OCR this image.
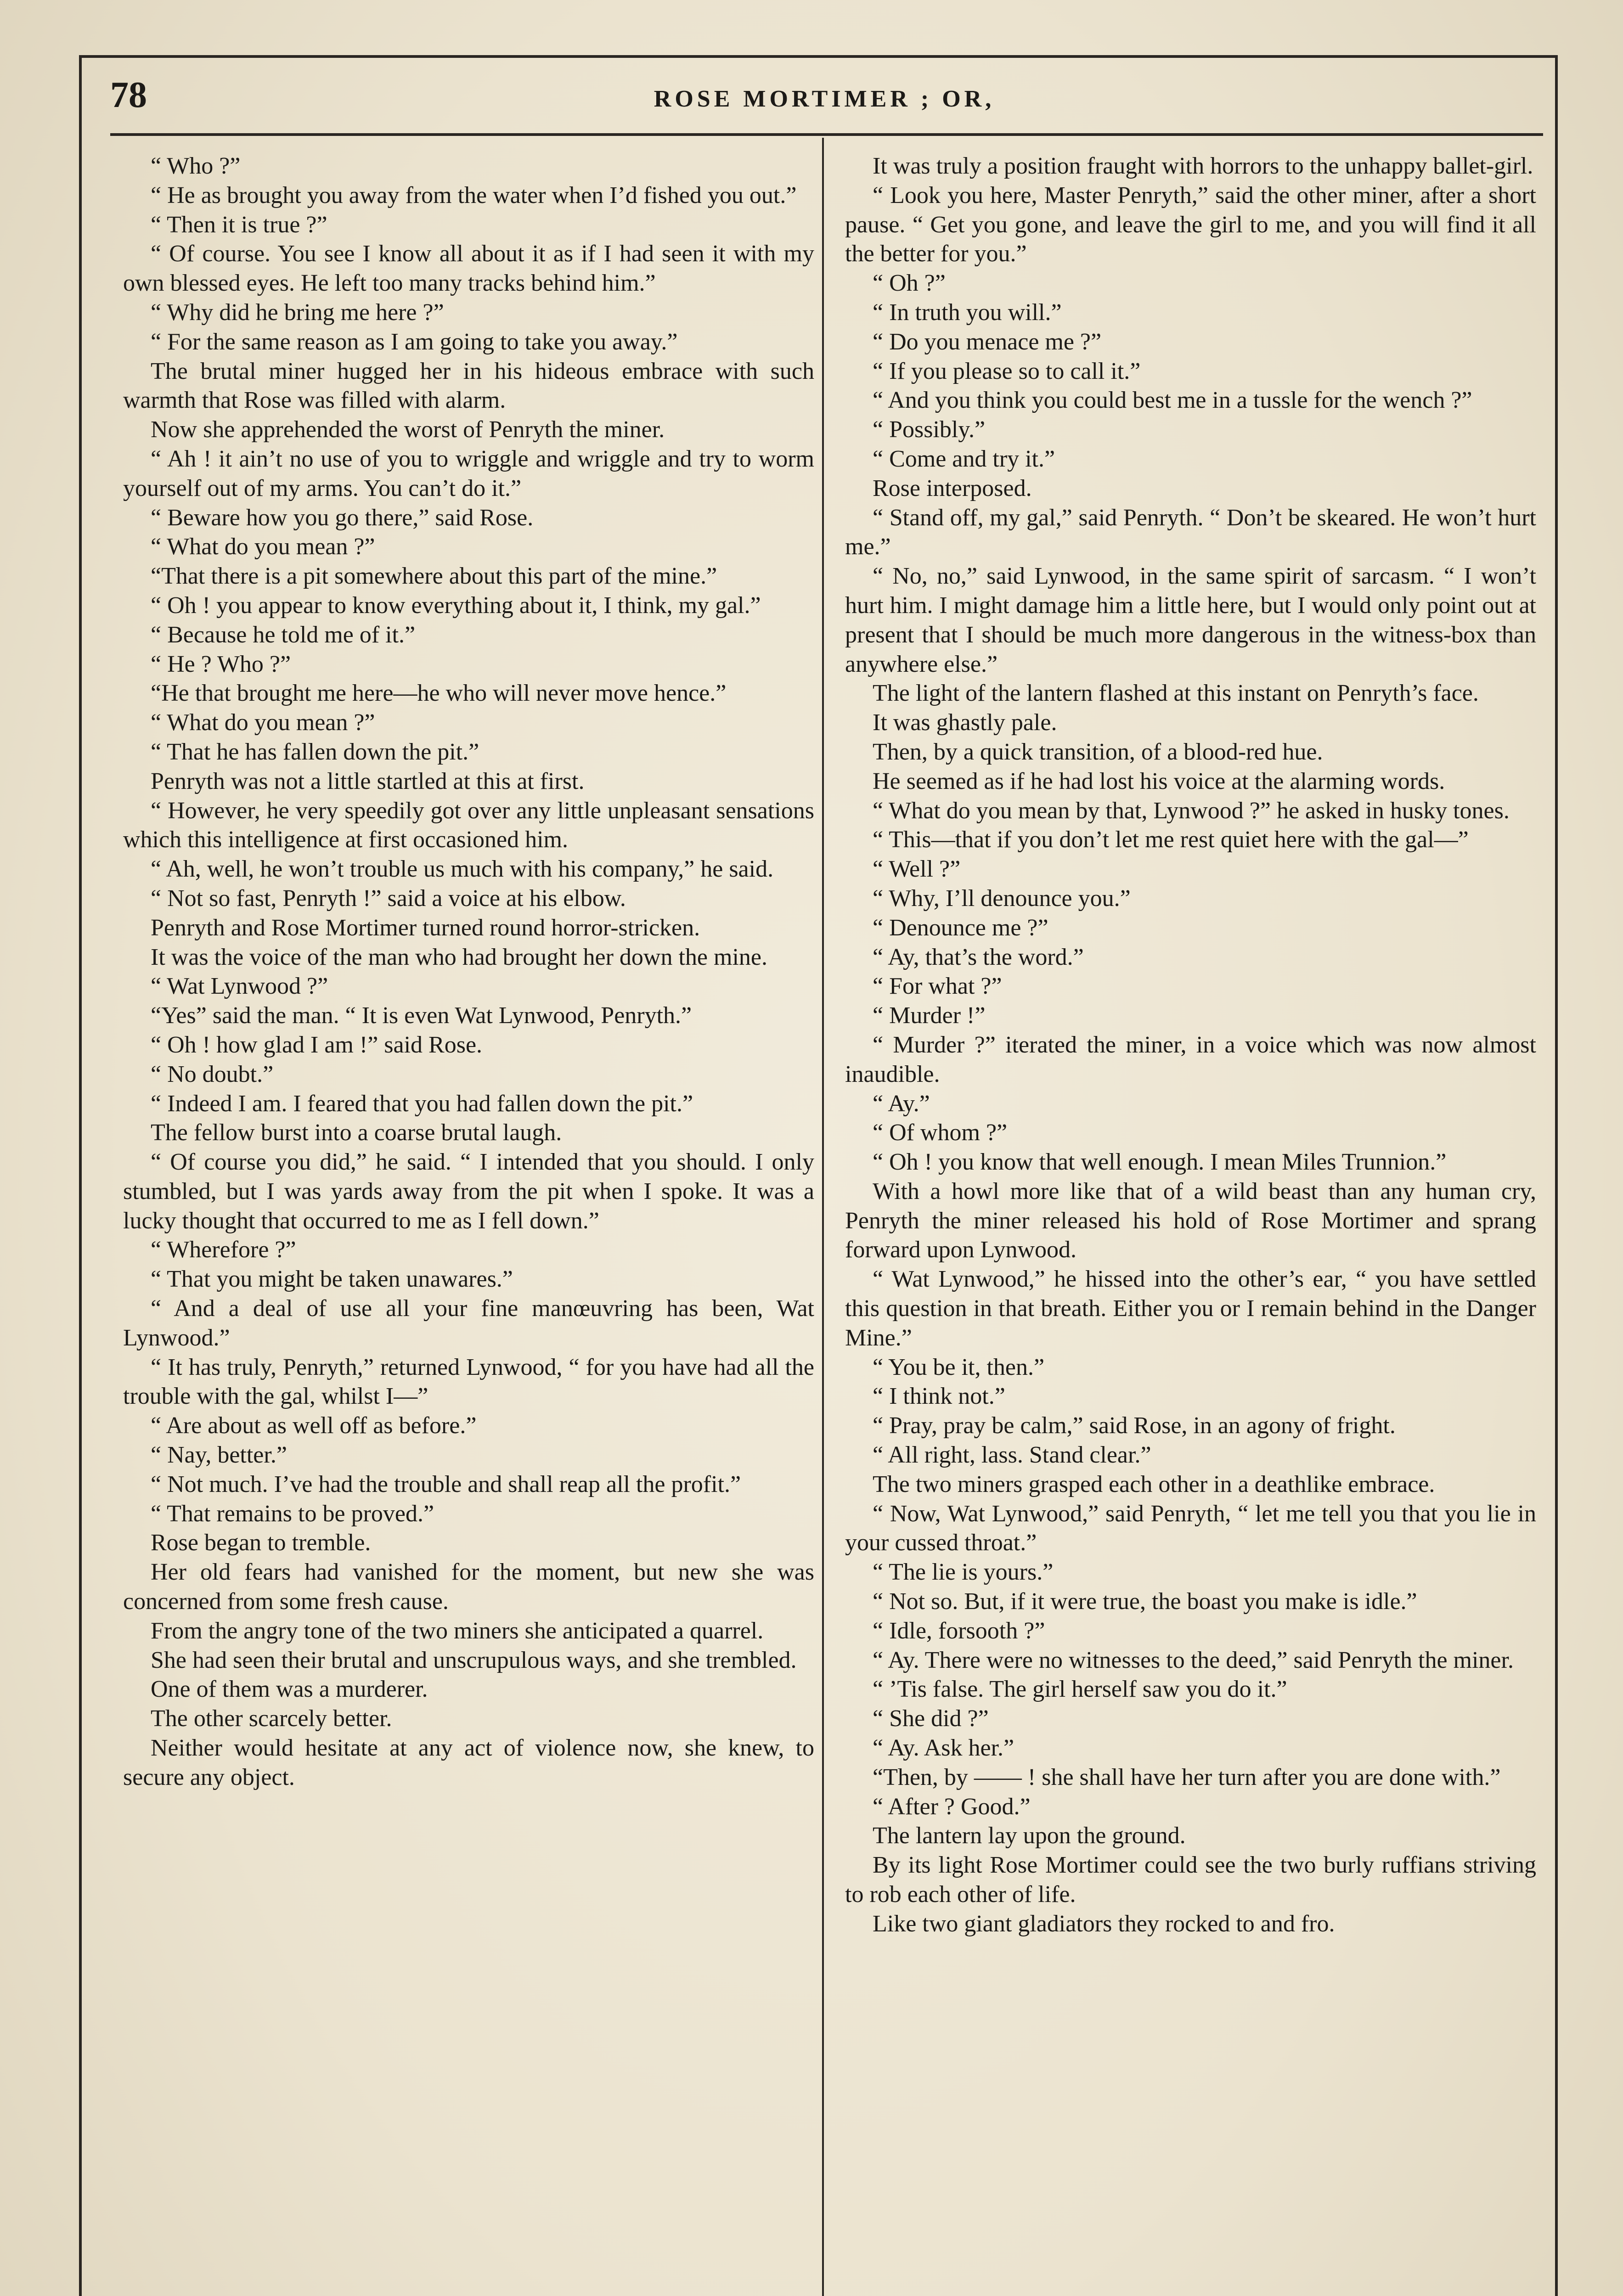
78	ROSE MORTIMER ; OR,

“ Who ?”

“ He as brought you away from the water when I’d fished you out.”

“ Then it is true ?”

“ Of course. You see I know all about it as if I had seen it with my own blessed eyes. He left too many tracks behind him.”

“ Why did he bring me here ?”

“ For the same reason as I am going to take you away.”

The brutal miner hugged her in his hideous embrace with such warmth that Rose was filled with alarm.

Now she apprehended the worst of Penryth the miner.

“ Ah ! it ain’t no use of you to wriggle and wriggle and try to worm yourself out of my arms. You can’t do it.”

“ Beware how you go there,” said Rose.

“ What do you mean ?”

“That there is a pit somewhere about this part of the mine.”

“ Oh ! you appear to know everything about it, I think, my gal.”

“ Because he told me of it.”

“ He ? Who ?”

“He that brought me here—he who will never move hence.”

“ What do you mean ?”

“ That he has fallen down the pit.”

Penryth was not a little startled at this at first.

“ However, he very speedily got over any little unpleasant sensations which this intelligence at first occasioned him.

“ Ah, well, he won’t trouble us much with his company,” he said.

“ Not so fast, Penryth !” said a voice at his elbow.

Penryth and Rose Mortimer turned round horror-stricken.

It was the voice of the man who had brought her down the mine.

“ Wat Lynwood ?”

“Yes” said the man. “ It is even Wat Lynwood, Penryth.”

“ Oh ! how glad I am !” said Rose.

“ No doubt.”

“ Indeed I am. I feared that you had fallen down the pit.”

The fellow burst into a coarse brutal laugh.

“ Of course you did,” he said. “ I intended that you should. I only stumbled, but I was yards away from the pit when I spoke. It was a lucky thought that occurred to me as I fell down.”

“ Wherefore ?”

“ That you might be taken unawares.”

“ And a deal of use all your fine manœuvring has been, Wat Lynwood.”

“ It has truly, Penryth,” returned Lynwood, “ for you have had all the trouble with the gal, whilst I—”

“ Are about as well off as before.”

“ Nay, better.”

“ Not much. I’ve had the trouble and shall reap all the profit.”

“ That remains to be proved.”

Rose began to tremble.

Her old fears had vanished for the moment, but new she was concerned from some fresh cause.

From the angry tone of the two miners she anticipated a quarrel.

She had seen their brutal and unscrupulous ways, and she trembled.

One of them was a murderer.

The other scarcely better.

Neither would hesitate at any act of violence now, she knew, to secure any object.

It was truly a position fraught with horrors to the unhappy ballet-girl.

“ Look you here, Master Penryth,” said the other miner, after a short pause. “ Get you gone, and leave the girl to me, and you will find it all the better for you.”

“ Oh ?”

“ In truth you will.”

“ Do you menace me ?”

“ If you please so to call it.”

“ And you think you could best me in a tussle for the wench ?”

“ Possibly.”

“ Come and try it.”

Rose interposed.

“ Stand off, my gal,” said Penryth. “ Don’t be skeared. He won’t hurt me.”

“ No, no,” said Lynwood, in the same spirit of sarcasm. “ I won’t hurt him. I might damage him a little here, but I would only point out at present that I should be much more dangerous in the witness-box than anywhere else.”

The light of the lantern flashed at this instant on Penryth’s face.

It was ghastly pale.

Then, by a quick transition, of a blood-red hue.

He seemed as if he had lost his voice at the alarming words.

“ What do you mean by that, Lynwood ?” he asked in husky tones.

“ This—that if you don’t let me rest quiet here with the gal—”

“ Well ?”

“ Why, I’ll denounce you.”

“ Denounce me ?”

“ Ay, that’s the word.”

“ For what ?”

“ Murder !”

“ Murder ?” iterated the miner, in a voice which was now almost inaudible.

“ Ay.”

“ Of whom ?”

“ Oh ! you know that well enough. I mean Miles Trunnion.”

With a howl more like that of a wild beast than any human cry, Penryth the miner released his hold of Rose Mortimer and sprang forward upon Lynwood.

“ Wat Lynwood,” he hissed into the other’s ear, “ you have settled this question in that breath. Either you or I remain behind in the Danger Mine.”

“ You be it, then.”

“ I think not.”

“ Pray, pray be calm,” said Rose, in an agony of fright.

“ All right, lass. Stand clear.”

The two miners grasped each other in a deathlike embrace.

“ Now, Wat Lynwood,” said Penryth, “ let me tell you that you lie in your cussed throat.”

“ The lie is yours.”

“ Not so. But, if it were true, the boast you make is idle.”

“ Idle, forsooth ?”

“ Ay. There were no witnesses to the deed,” said Penryth the miner.

“ ’Tis false. The girl herself saw you do it.”

“ She did ?”

“ Ay. Ask her.”

“Then, by —— ! she shall have her turn after you are done with.”

“ After ? Good.”

The lantern lay upon the ground.

By its light Rose Mortimer could see the two burly ruffians striving to rob each other of life.

Like two giant gladiators they rocked to and fro.
